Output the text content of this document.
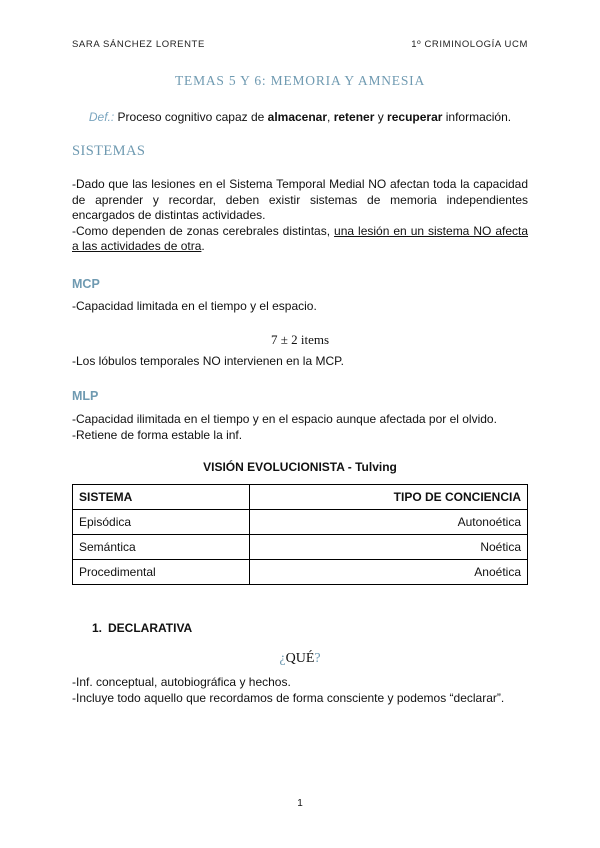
SARA SÁNCHEZ LORENTE	1º CRIMINOLOGÍA UCM
TEMAS 5 Y 6: MEMORIA Y AMNESIA
Def.: Proceso cognitivo capaz de almacenar, retener y recuperar información.
SISTEMAS

-Dado que las lesiones en el Sistema Temporal Medial NO afectan toda la capacidad de aprender y recordar, deben existir sistemas de memoria independientes encargados de distintas actividades.

-Como dependen de zonas cerebrales distintas, una lesión en un sistema NO afecta a las actividades de otra.

MCP
-Capacidad limitada en el tiempo y el espacio.
7 ± 2 items
-Los lóbulos temporales NO intervienen en la MCP.
MLP

-Capacidad ilimitada en el tiempo y en el espacio aunque afectada por el olvido.

-Retiene de forma estable la inf.

VISIÓN EVOLUCIONISTA - Tulving
SISTEMA	TIPO DE CONCIENCIA
Episódica	Autonoética
Semántica	Noética
Procedimental	Anoética
1. DECLARATIVA
¿QUÉ?

-Inf. conceptual, autobiográfica y hechos.

-Incluye todo aquello que recordamos de forma consciente y podemos “declarar”.

1
